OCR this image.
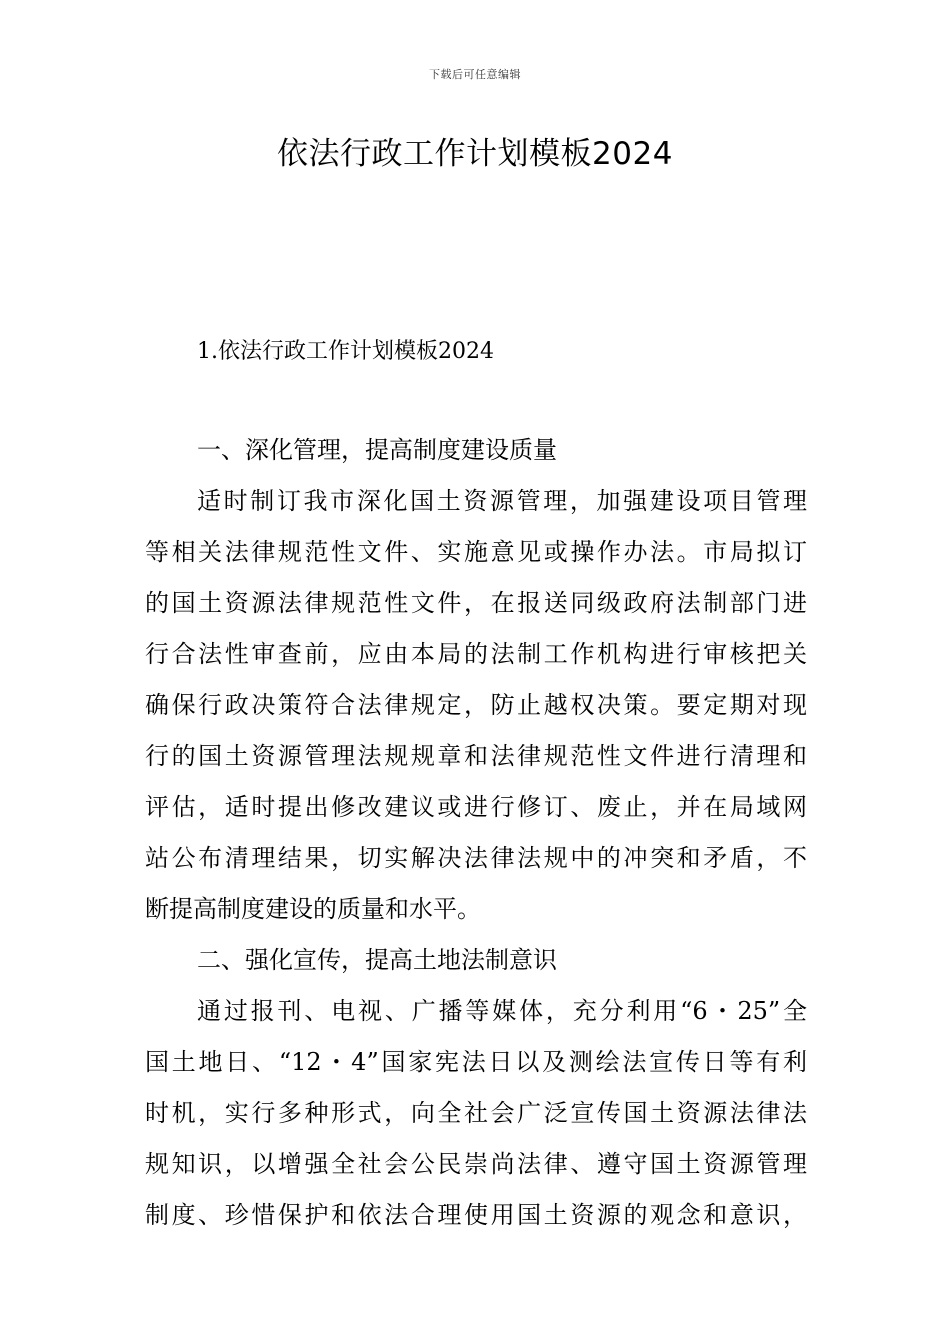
下载后可任意编辑
依法行政工作计划模板2024

1.依法行政工作计划模板2024

一、深化管理，提高制度建设质量
适时制订我市深化国土资源管理，加强建设项目管理
等相关法律规范性文件、实施意见或操作办法。市局拟订
的国土资源法律规范性文件，在报送同级政府法制部门进
行合法性审查前，应由本局的法制工作机构进行审核把关
确保行政决策符合法律规定，防止越权决策。要定期对现
行的国土资源管理法规规章和法律规范性文件进行清理和
评估，适时提出修改建议或进行修订、废止，并在局域网
站公布清理结果，切实解决法律法规中的冲突和矛盾，不
断提高制度建设的质量和水平。
二、强化宣传，提高土地法制意识
通过报刊、电视、广播等媒体，充分利用“6・25”全
国土地日、“12・4”国家宪法日以及测绘法宣传日等有利
时机，实行多种形式，向全社会广泛宣传国土资源法律法
规知识，以增强全社会公民崇尚法律、遵守国土资源管理
制度、珍惜保护和依法合理使用国土资源的观念和意识，
